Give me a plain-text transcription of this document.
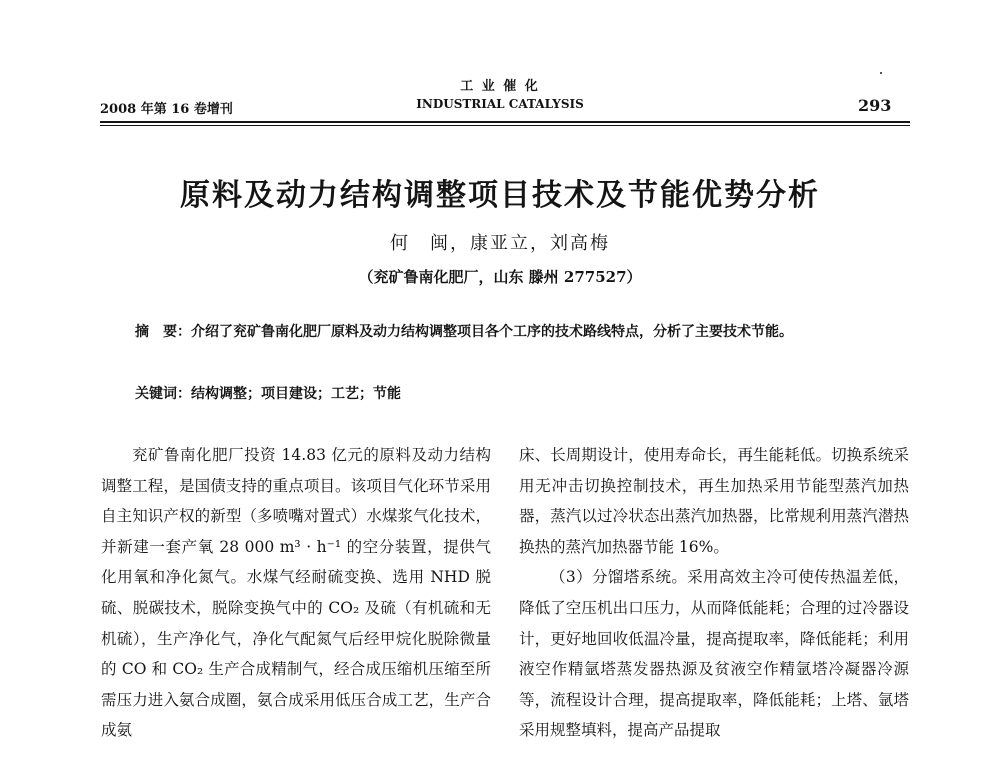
2008 年第 16 卷增刊
工 业 催 化
INDUSTRIAL CATALYSIS	293
原料及动力结构调整项目技术及节能优势分析
何　闽，康亚立，刘高梅
（兖矿鲁南化肥厂，山东 滕州 277527）
摘　要：介绍了兖矿鲁南化肥厂原料及动力结构调整项目各个工序的技术路线特点，分析了主要技术节能。
关键词：结构调整；项目建设；工艺；节能

兖矿鲁南化肥厂投资 14.83 亿元的原料及动力结构调整工程，是国债支持的重点项目。该项目气化环节采用自主知识产权的新型（多喷嘴对置式）水煤浆气化技术，并新建一套产氧 28 000 m³ · h⁻¹ 的空分装置，提供气化用氧和净化氮气。水煤气经耐硫变换、选用 NHD 脱硫、脱碳技术，脱除变换气中的 CO₂ 及硫（有机硫和无机硫），生产净化气，净化气配氮气后经甲烷化脱除微量的 CO 和 CO₂ 生产合成精制气，经合成压缩机压缩至所需压力进入氨合成圈，氨合成采用低压合成工艺，生产合成氨

床、长周期设计，使用寿命长，再生能耗低。切换系统采用无冲击切换控制技术，再生加热采用节能型蒸汽加热器，蒸汽以过冷状态出蒸汽加热器，比常规利用蒸汽潜热换热的蒸汽加热器节能 16%。

（3）分馏塔系统。采用高效主冷可使传热温差低，降低了空压机出口压力，从而降低能耗；合理的过冷器设计，更好地回收低温冷量，提高提取率，降低能耗；利用液空作精氩塔蒸发器热源及贫液空作精氩塔冷凝器冷源等，流程设计合理，提高提取率，降低能耗；上塔、氩塔采用规整填料，提高产品提取
